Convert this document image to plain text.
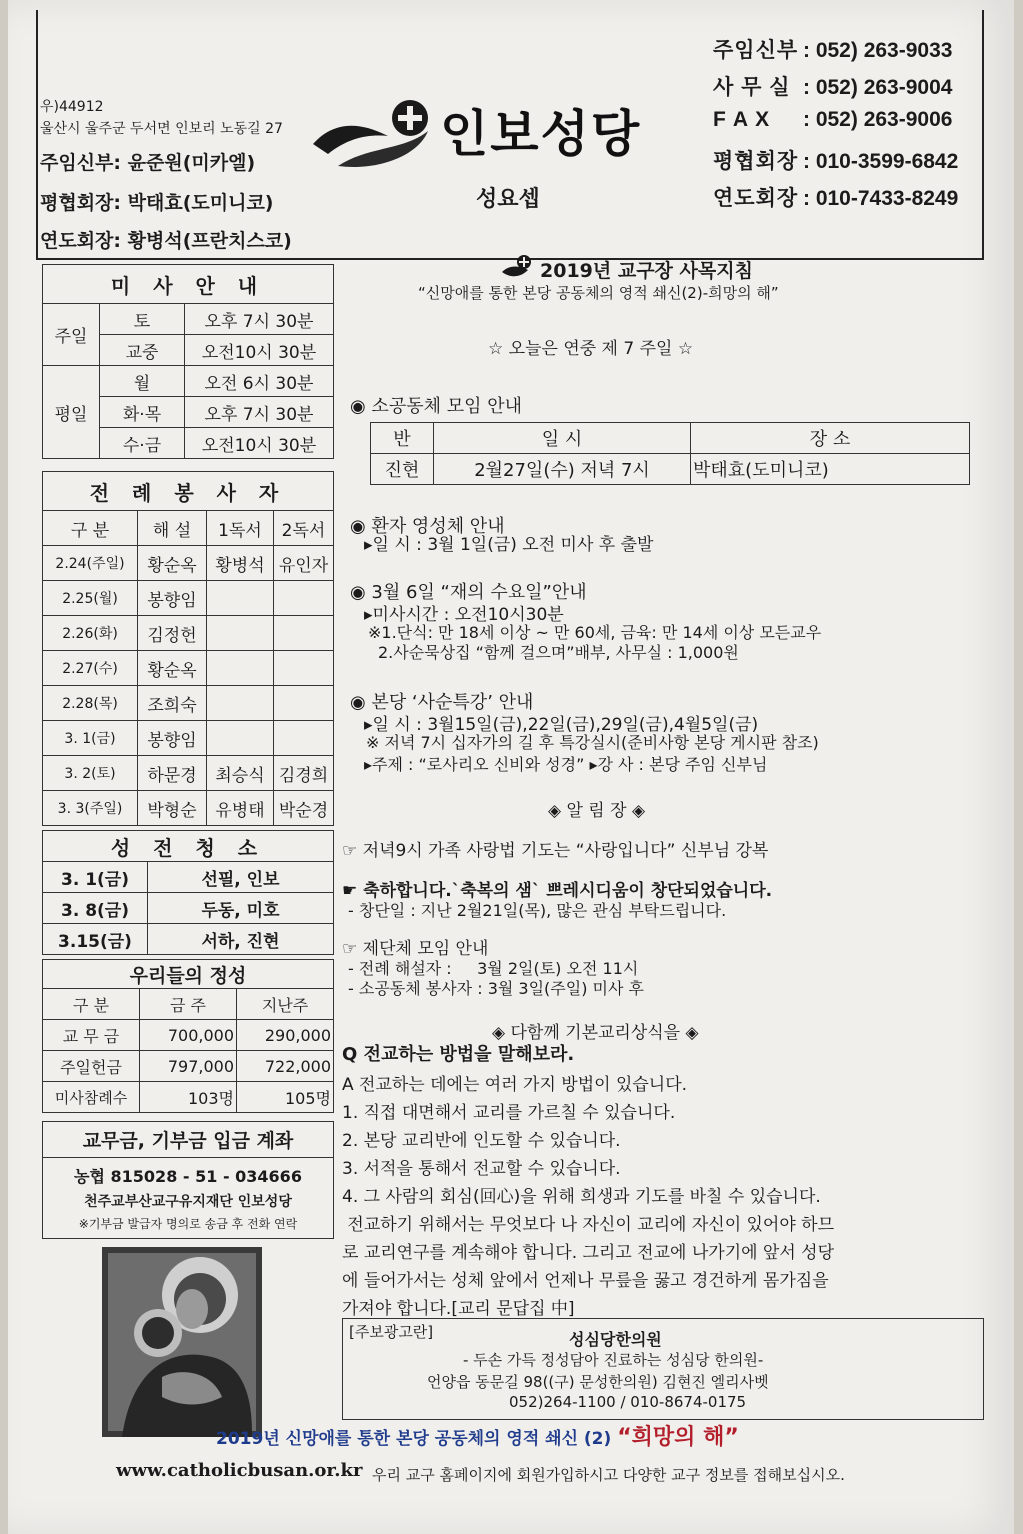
우)44912
울산시 울주군 두서면 인보리 노동길 27
주임신부: 윤준원(미카엘)
평협회장: 박태효(도미니코)
연도회장: 황병석(프란치스코)
인보성당
성요셉
주임신부 : 052) 263-9033
사 무 실 : 052) 263-9004
F A X : 052) 263-9006
평협회장 : 010-3599-6842
연도회장 : 010-7433-8249
미 사 안 내		
주일	토	오후 7시 30분
	교중	오전10시 30분
평일	월	오전 6시 30분
	화·목	오후 7시 30분
	수·금	오전10시 30분
전 례 봉 사 자			
구 분	해 설	1독서	2독서
2.24(주일)	황순옥	황병석	유인자
2.25(월)	봉향임		
2.26(화)	김정헌		
2.27(수)	황순옥		
2.28(목)	조희숙		
3. 1(금)	봉향임		
3. 2(토)	하문경	최승식	김경희
3. 3(주일)	박형순	유병태	박순경
성 전 청 소	
3. 1(금)	선필, 인보
3. 8(금)	두동, 미호
3.15(금)	서하, 진현
우리들의 정성		
구 분	금 주	지난주
교 무 금	700,000	290,000
주일헌금	797,000	722,000
미사참례수	103명	105명
교무금, 기부금 입금 계좌
농협 815028 - 51 - 034666
천주교부산교구유지재단 인보성당
※기부금 발급자 명의로 송금 후 전화 연락
2019년 교구장 사목지침
“신망애를 통한 본당 공동체의 영적 쇄신(2)-희망의 해”
☆ 오늘은 연중 제 7 주일 ☆
◉ 소공동체 모임 안내
반	일 시	장 소
진현	2월27일(수) 저녁 7시	박태효(도미니코)
◉ 환자 영성체 안내
▸일 시 : 3월 1일(금) 오전 미사 후 출발
◉ 3월 6일 “재의 수요일”안내
▸미사시간 : 오전10시30분
※1.단식: 만 18세 이상 ~ 만 60세, 금육: 만 14세 이상 모든교우
2.사순묵상집 “함께 걸으며”배부, 사무실 : 1,000원
◉ 본당 ‘사순특강’ 안내
▸일 시 : 3월15일(금),22일(금),29일(금),4월5일(금)
※ 저녁 7시 십자가의 길 후 특강실시(준비사항 본당 게시판 참조)
▸주제 : “로사리오 신비와 성경” ▸강 사 : 본당 주임 신부님
◈ 알 림 장 ◈
☞ 저녁9시 가족 사랑법 기도는 “사랑입니다” 신부님 강복
☛ 축하합니다.`축복의 샘` 쁘레시디움이 창단되었습니다.
- 창단일 : 지난 2월21일(목), 많은 관심 부탁드립니다.
☞ 제단체 모임 안내
- 전례 해설자 :     3월 2일(토) 오전 11시
- 소공동체 봉사자 : 3월 3일(주일) 미사 후
◈ 다함께 기본교리상식을 ◈
Q 전교하는 방법을 말해보라.
A 전교하는 데에는 여러 가지 방법이 있습니다.
1. 직접 대면해서 교리를 가르칠 수 있습니다.
2. 본당 교리반에 인도할 수 있습니다.
3. 서적을 통해서 전교할 수 있습니다.
4. 그 사람의 회심(回心)을 위해 희생과 기도를 바칠 수 있습니다.
전교하기 위해서는 무엇보다 나 자신이 교리에 자신이 있어야 하므
로 교리연구를 계속해야 합니다. 그리고 전교에 나가기에 앞서 성당
에 들어가서는 성체 앞에서 언제나 무릎을 꿇고 경건하게 몸가짐을
가져야 합니다.[교리 문답집 中]
[주보광고란]	성심당한의원
- 두손 가득 정성담아 진료하는 성심당 한의원-
언양읍 동문길 98((구) 문성한의원) 김현진 엘리사벳
052)264-1100 / 010-8674-0175
2019년 신망애를 통한 본당 공동체의 영적 쇄신 (2) “희망의 해”
www.catholicbusan.or.kr 우리 교구 홈페이지에 회원가입하시고 다양한 교구 정보를 접해보십시오.
